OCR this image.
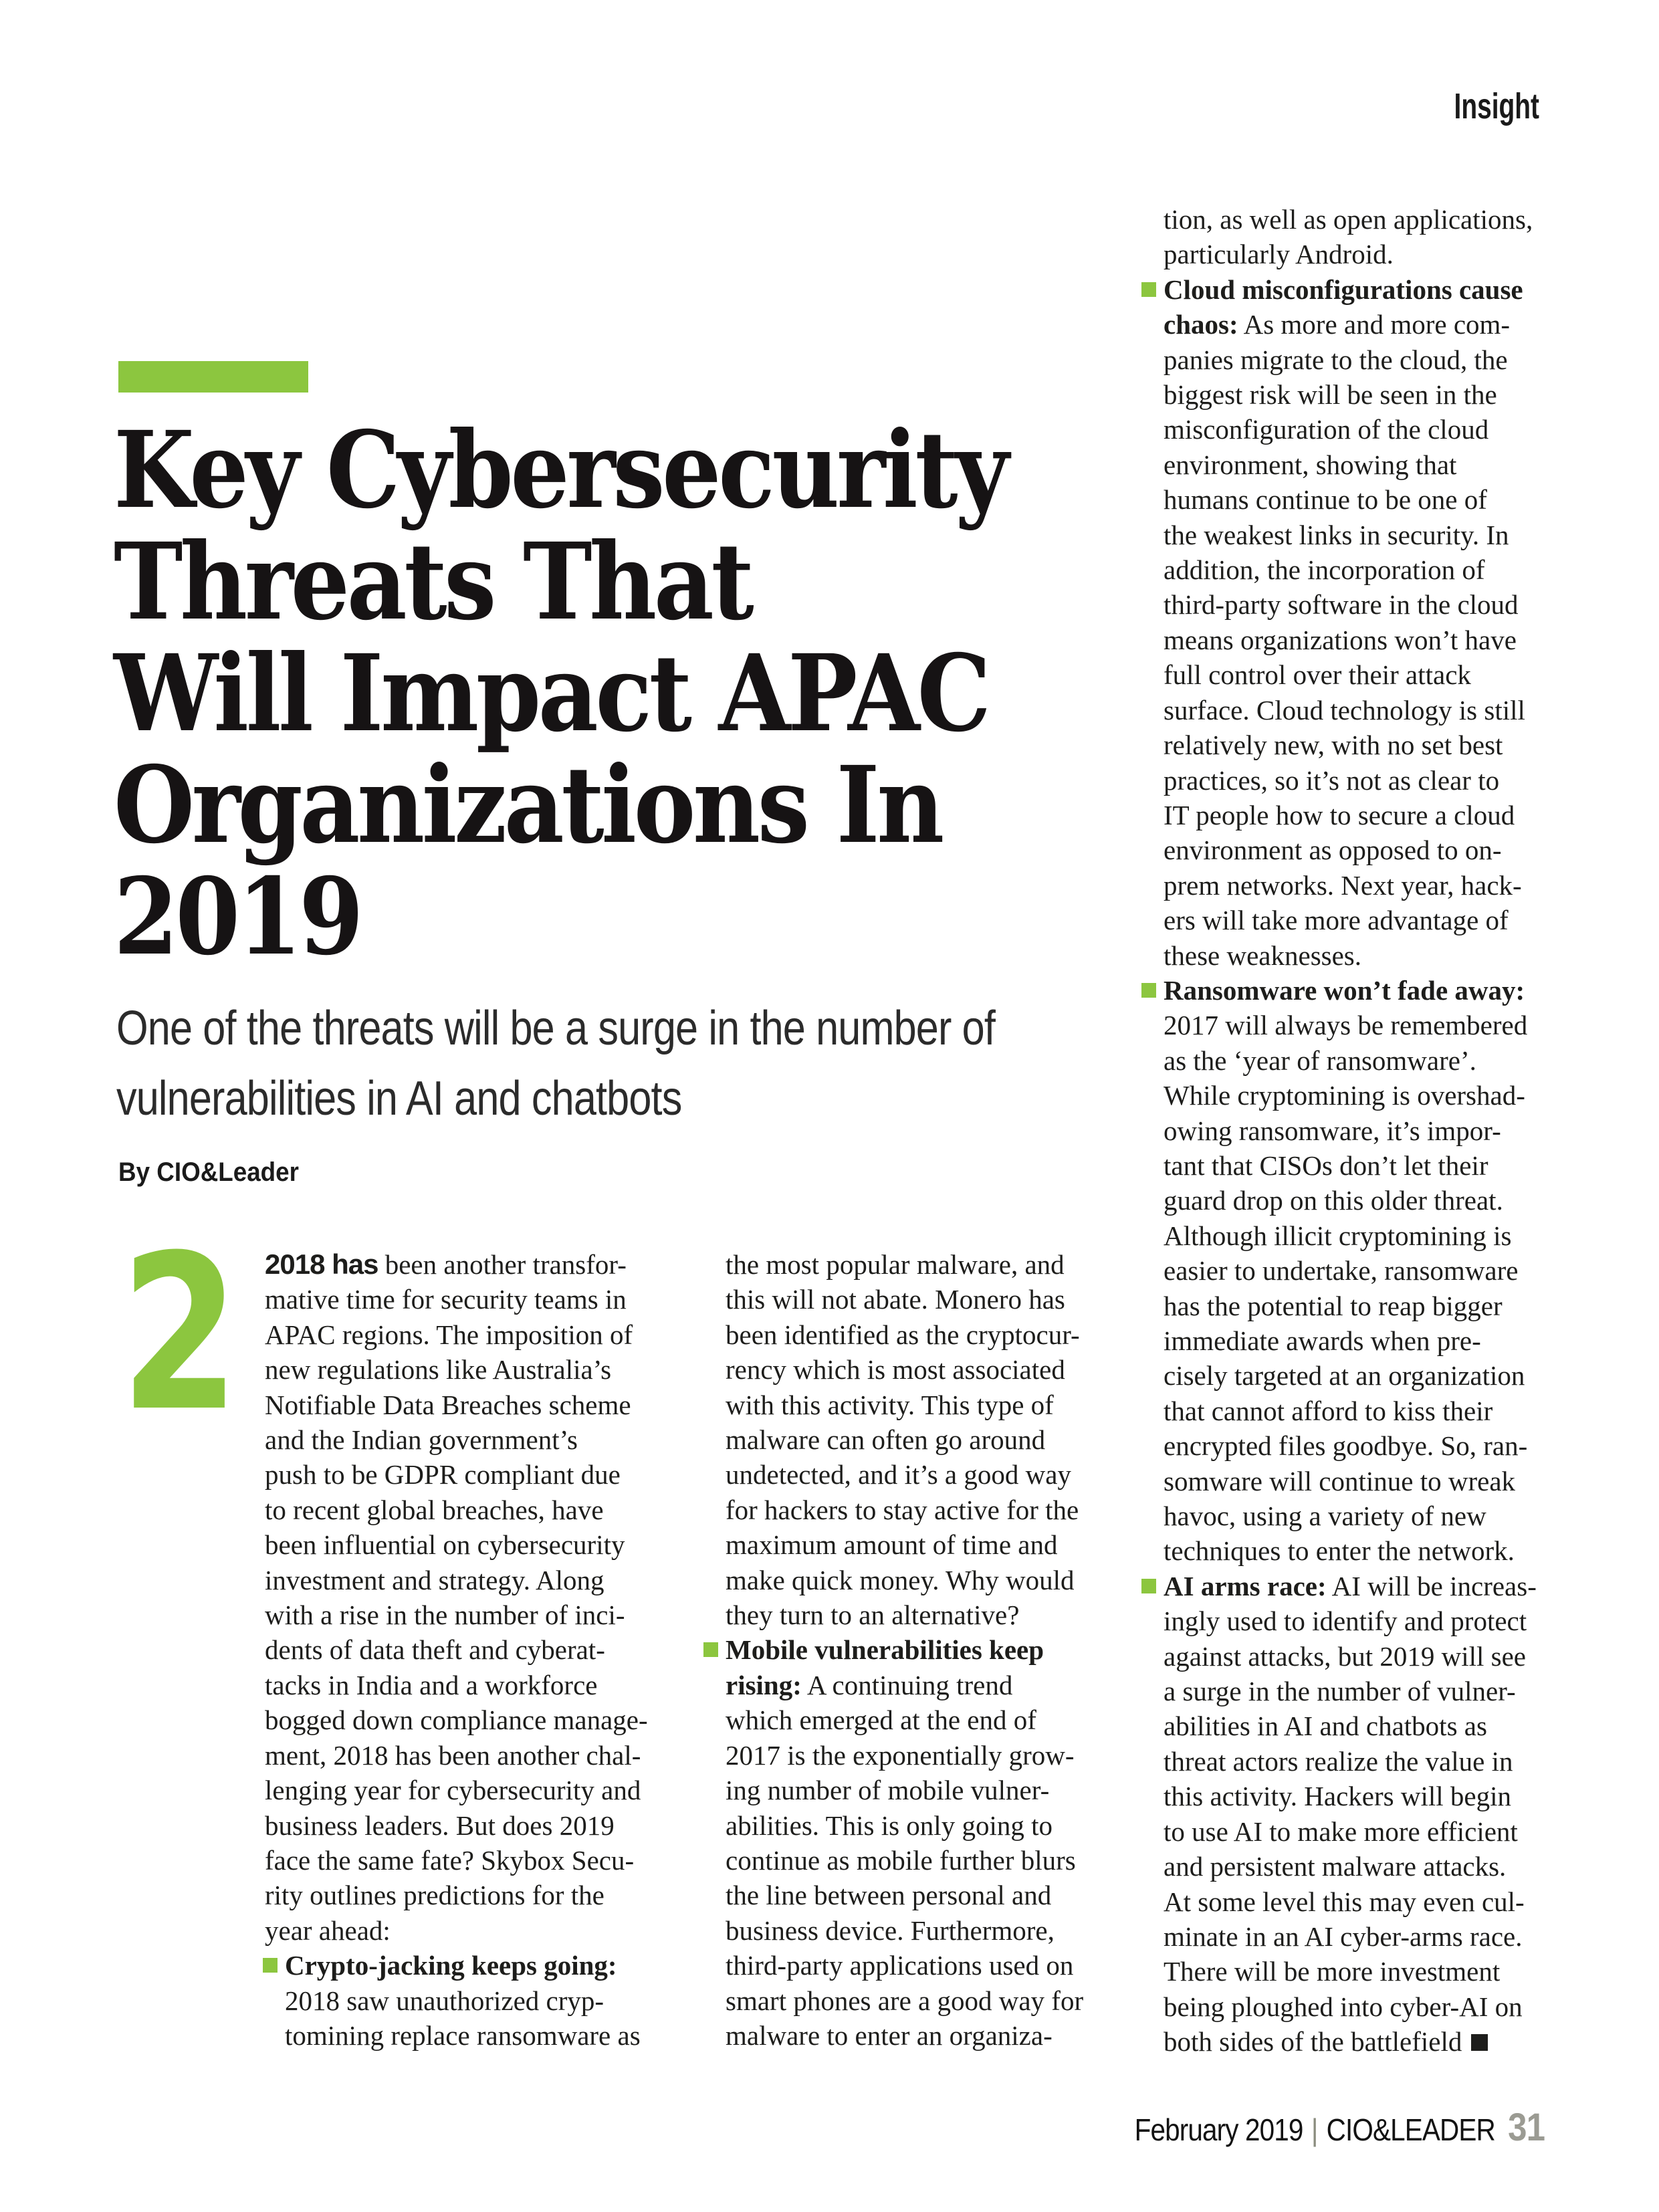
Insight
Key Cybersecurity
Threats That
Will Impact APAC
Organizations In
2019
One of the threats will be a surge in the number of
vulnerabilities in AI and chatbots
By CIO&Leader
2 2018 has been another transfor-
mative time for security teams in
APAC regions. The imposition of
new regulations like Australia’s
Notifiable Data Breaches scheme
and the Indian government’s
push to be GDPR compliant due
to recent global breaches, have
been influential on cybersecurity
investment and strategy. Along
with a rise in the number of inci-
dents of data theft and cyberat-
tacks in India and a workforce
bogged down compliance manage-
ment, 2018 has been another chal-
lenging year for cybersecurity and
business leaders. But does 2019
face the same fate? Skybox Secu-
rity outlines predictions for the
year ahead:
Crypto-jacking keeps going:
2018 saw unauthorized cryp-
tomining replace ransomware as
the most popular malware, and
this will not abate. Monero has
been identified as the cryptocur-
rency which is most associated
with this activity. This type of
malware can often go around
undetected, and it’s a good way
for hackers to stay active for the
maximum amount of time and
make quick money. Why would
they turn to an alternative?
Mobile vulnerabilities keep
rising: A continuing trend
which emerged at the end of
2017 is the exponentially grow-
ing number of mobile vulner-
abilities. This is only going to
continue as mobile further blurs
the line between personal and
business device. Furthermore,
third-party applications used on
smart phones are a good way for
malware to enter an organiza-
tion, as well as open applications,
particularly Android.
Cloud misconfigurations cause
chaos: As more and more com-
panies migrate to the cloud, the
biggest risk will be seen in the
misconfiguration of the cloud
environment, showing that
humans continue to be one of
the weakest links in security. In
addition, the incorporation of
third-party software in the cloud
means organizations won’t have
full control over their attack
surface. Cloud technology is still
relatively new, with no set best
practices, so it’s not as clear to
IT people how to secure a cloud
environment as opposed to on-
prem networks. Next year, hack-
ers will take more advantage of
these weaknesses.
Ransomware won’t fade away:
2017 will always be remembered
as the ‘year of ransomware’.
While cryptomining is overshad-
owing ransomware, it’s impor-
tant that CISOs don’t let their
guard drop on this older threat.
Although illicit cryptomining is
easier to undertake, ransomware
has the potential to reap bigger
immediate awards when pre-
cisely targeted at an organization
that cannot afford to kiss their
encrypted files goodbye. So, ran-
somware will continue to wreak
havoc, using a variety of new
techniques to enter the network.
AI arms race: AI will be increas-
ingly used to identify and protect
against attacks, but 2019 will see
a surge in the number of vulner-
abilities in AI and chatbots as
threat actors realize the value in
this activity. Hackers will begin
to use AI to make more efficient
and persistent malware attacks.
At some level this may even cul-
minate in an AI cyber-arms race.
There will be more investment
being ploughed into cyber-AI on
both sides of the battlefield
February 2019 | CIO&LEADER 31
